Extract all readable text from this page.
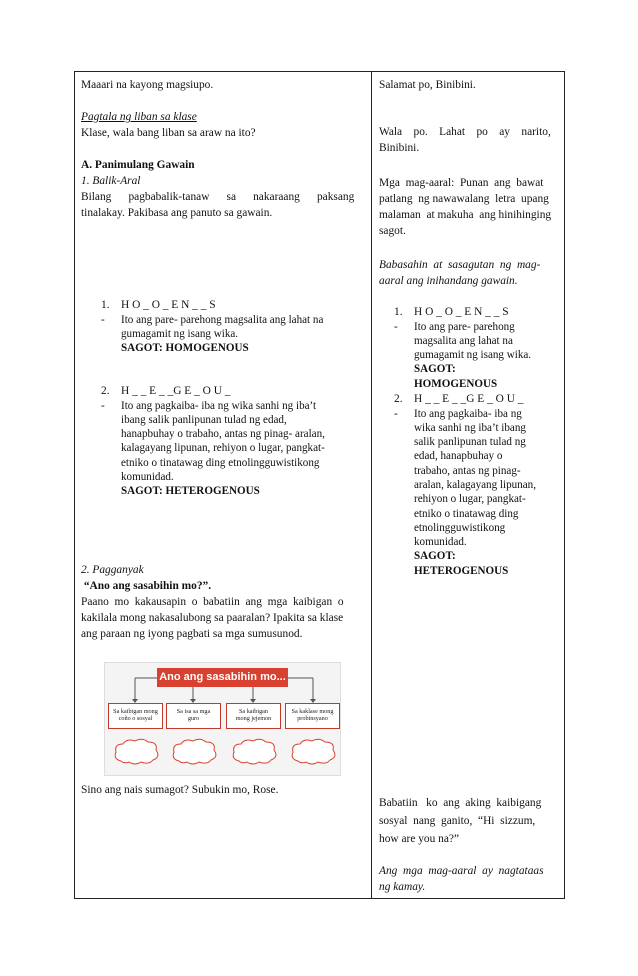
Maaari na kayong magsiupo.

Pagtala ng liban sa klase

Klase, wala bang liban sa araw na ito?

A. Panimulang Gawain

1. Balik-Aral

Bilang      pagbabalik-tanaw      sa      nakaraang      paksang

tinalakay. Pakibasa ang panuto sa gawain.

1. H O _ O _ E N _ _ S
- Ito ang pare- parehong magsalita ang lahat na
gumagamit ng isang wika.
SAGOT: HOMOGENOUS
2. H _ _ E _ _G E _ O U _
- Ito ang pagkaiba- iba ng wika sanhi ng iba’t
ibang salik panlipunan tulad ng edad,
hanapbuhay o trabaho, antas ng pinag- aralan,
kalagayang lipunan, rehiyon o lugar, pangkat-
etniko o tinatawag ding etnolingguwistikong
komunidad.
SAGOT: HETEROGENOUS

2. Pagganyak

“Ano ang sasabihin mo?”.

Paano  mo  kakausapin  o  babatiin  ang  mga  kaibigan  o

kakilala mong nakasalubong sa paaralan? Ipakita sa klase

ang paraan ng iyong pagbati sa mga sumusunod.

Ano ang sasabihin mo...
Sa kaibigan mong
coño o sosyal
Sa isa sa mga
guro
Sa kaibigan
mong jejemon
Sa kaklase mong
probinsyano

Sino ang nais sumagot? Subukin mo, Rose.

Salamat po, Binibini.

Wala    po.    Lahat    po    ay    narito,

Binibini.

Mga  mag-aaral:  Punan  ang  bawat

patlang  ng nawawalang  letra  upang

malaman  at makuha  ang hinihinging

sagot.

Babasahin  at  sasagutan  ng  mag-

aaral ang inihandang gawain.

1. H O _ O _ E N _ _ S
- Ito ang pare- parehong
magsalita ang lahat na
gumagamit ng isang wika.
SAGOT:
HOMOGENOUS
2. H _ _ E _ _G E _ O U _
- Ito ang pagkaiba- iba ng
wika sanhi ng iba’t ibang
salik panlipunan tulad ng
edad, hanapbuhay o
trabaho, antas ng pinag-
aralan, kalagayang lipunan,
rehiyon o lugar, pangkat-
etniko o tinatawag ding
etnolingguwistikong
komunidad.
SAGOT:
HETEROGENOUS

Babatiin   ko  ang  aking  kaibigang

sosyal  nang  ganito,  “Hi  sizzum,

how are you na?”

Ang  mga  mag-aaral  ay  nagtataas

ng kamay.
